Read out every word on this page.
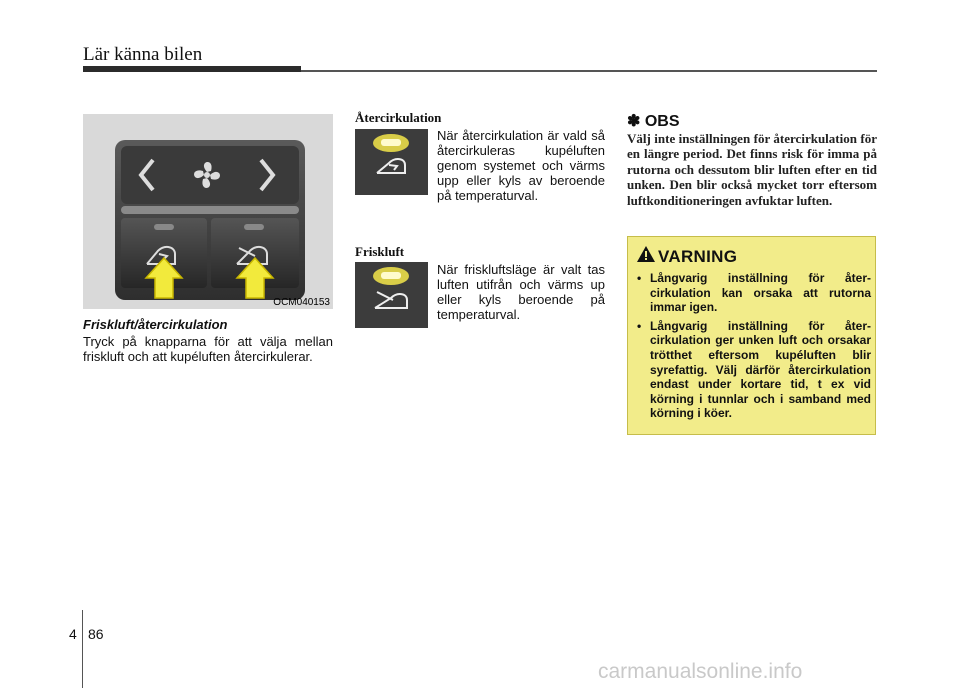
Lär känna bilen
OCM040153
Friskluft/återcirkulation
Tryck på knapparna för att välja mellan friskluft och att kupéluften återcirkulerar.
Återcirkulation
När återcirkulation är vald så återcirkuleras kupéluften genom systemet och värms upp eller kyls av beroende på temperaturval.
Friskluft
När friskluftsläge är valt tas luften utifrån och värms up eller kyls beroende på temperaturval.
✽ OBS
Välj inte inställningen för återcirkulation för en längre period. Det finns risk för imma på rutorna och dessutom blir luften efter en tid unken. Den blir också mycket torr eftersom luftkonditioneringen avfuktar luften.
VARNING
• Långvarig inställning för återcirkulation kan orsaka att rutorna immar igen.
• Långvarig inställning för återcirkulation ger unken luft och orsakar trötthet eftersom kupéluften blir syrefattig. Välj därför återcirkulation endast under kortare tid, t ex vid körning i tunnlar och i samband med körning i köer.
4 86
carmanualsonline.info
